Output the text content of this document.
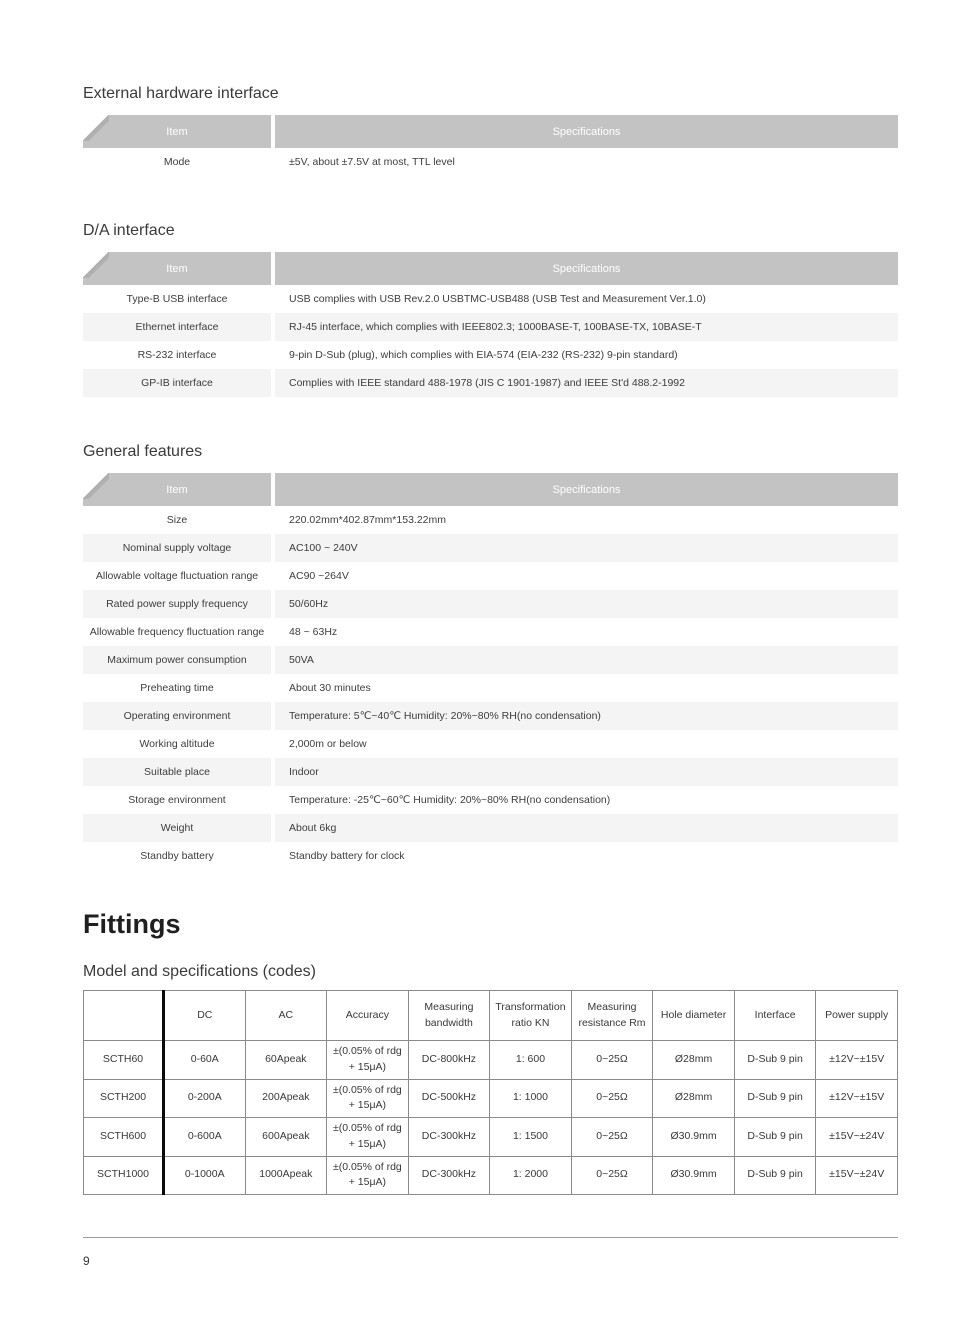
External hardware interface
Item	Specifications
Mode	±5V, about ±7.5V at most, TTL level
D/A interface
Item	Specifications
Type-B USB interface	USB complies with USB Rev.2.0 USBTMC-USB488 (USB Test and Measurement Ver.1.0)
Ethernet interface	RJ-45 interface, which complies with IEEE802.3; 1000BASE-T, 100BASE-TX, 10BASE-T
RS-232 interface	9-pin D-Sub (plug), which complies with EIA-574 (EIA-232 (RS-232) 9-pin standard)
GP-IB interface	Complies with IEEE standard 488-1978 (JIS C 1901-1987) and IEEE St'd 488.2-1992
General features
Item	Specifications
Size	220.02mm*402.87mm*153.22mm
Nominal supply voltage	AC100 ~ 240V
Allowable voltage fluctuation range	AC90 ~264V
Rated power supply frequency	50/60Hz
Allowable frequency fluctuation range	48 ~ 63Hz
Maximum power consumption	50VA
Preheating time	About 30 minutes
Operating environment	Temperature: 5℃~40℃ Humidity: 20%~80% RH(no condensation)
Working altitude	2,000m or below
Suitable place	Indoor
Storage environment	Temperature: -25℃~60℃ Humidity: 20%~80% RH(no condensation)
Weight	About 6kg
Standby battery	Standby battery for clock
Fittings
Model and specifications (codes)
	DC	AC	Accuracy	Measuring bandwidth	Transformation ratio KN	Measuring resistance Rm	Hole diameter	Interface	Power supply
SCTH60	0-60A	60Apeak	±(0.05% of rdg + 15μA)	DC-800kHz	1: 600	0~25Ω	Ø28mm	D-Sub 9 pin	±12V~±15V
SCTH200	0-200A	200Apeak	±(0.05% of rdg + 15μA)	DC-500kHz	1: 1000	0~25Ω	Ø28mm	D-Sub 9 pin	±12V~±15V
SCTH600	0-600A	600Apeak	±(0.05% of rdg + 15μA)	DC-300kHz	1: 1500	0~25Ω	Ø30.9mm	D-Sub 9 pin	±15V~±24V
SCTH1000	0-1000A	1000Apeak	±(0.05% of rdg + 15μA)	DC-300kHz	1: 2000	0~25Ω	Ø30.9mm	D-Sub 9 pin	±15V~±24V
9
